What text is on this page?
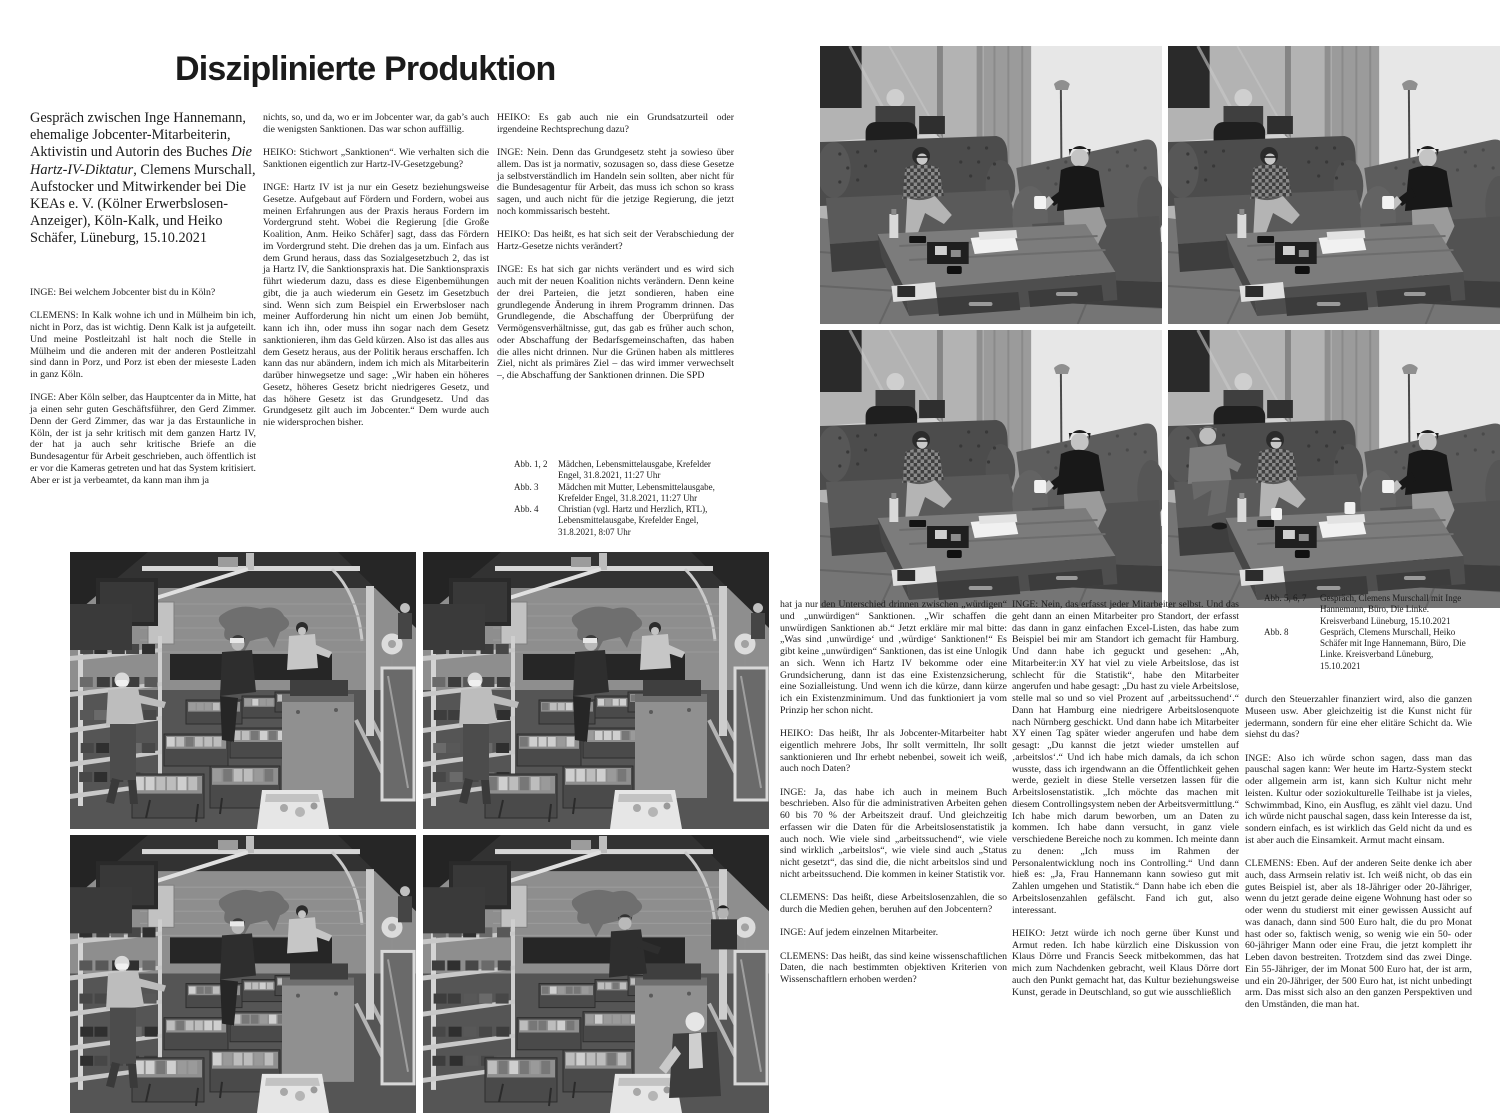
Disziplinierte Produktion
Gespräch zwischen Inge Hannemann, ehemalige Jobcenter-Mitarbeiterin, Aktivistin und Autorin des Buches Die Hartz-IV-Diktatur, Clemens Murschall, Aufstocker und Mitwirkender bei Die KEAs e. V. (Kölner Erwerbslosen-Anzeiger), Köln-Kalk, und Heiko Schäfer, Lüneburg, 15.10.2021

INGE: Bei welchem Jobcenter bist du in Köln?

CLEMENS: In Kalk wohne ich und in Mülheim bin ich, nicht in Porz, das ist wichtig. Denn Kalk ist ja aufgeteilt. Und meine Postleitzahl ist halt noch die Stelle in Mülheim und die anderen mit der anderen Postleitzahl sind dann in Porz, und Porz ist eben der mieseste Laden in ganz Köln.

INGE: Aber Köln selber, das Hauptcenter da in Mitte, hat ja einen sehr guten Geschäftsführer, den Gerd Zimmer. Denn der Gerd Zimmer, das war ja das Erstaunliche in Köln, der ist ja sehr kritisch mit dem ganzen Hartz IV, der hat ja auch sehr kritische Briefe an die Bundesagentur für Arbeit geschrieben, auch öffentlich ist er vor die Kameras getreten und hat das System kritisiert. Aber er ist ja verbeamtet, da kann man ihm ja

nichts, so, und da, wo er im Jobcenter war, da gab’s auch die wenigsten Sanktionen. Das war schon auffällig.

HEIKO: Stichwort „Sanktionen“. Wie verhalten sich die Sanktionen eigentlich zur Hartz-IV-Gesetzgebung?

INGE: Hartz IV ist ja nur ein Gesetz beziehungsweise Gesetze. Aufgebaut auf Fördern und Fordern, wobei aus meinen Erfahrungen aus der Praxis heraus Fordern im Vordergrund steht. Wobei die Regierung [die Große Koalition, Anm. Heiko Schäfer] sagt, dass das Fördern im Vordergrund steht. Die drehen das ja um. Einfach aus dem Grund heraus, dass das Sozialgesetzbuch 2, das ist ja Hartz IV, die Sanktionspraxis hat. Die Sanktionspraxis führt wiederum dazu, dass es diese Eigenbemühungen gibt, die ja auch wiederum ein Gesetz im Gesetzbuch sind. Wenn sich zum Beispiel ein Erwerbsloser nach meiner Aufforderung hin nicht um einen Job bemüht, kann ich ihn, oder muss ihn sogar nach dem Gesetz sanktionieren, ihm das Geld kürzen. Also ist das alles aus dem Gesetz heraus, aus der Politik heraus erschaffen. Ich kann das nur abändern, indem ich mich als Mitarbeiterin darüber hinwegsetze und sage: „Wir haben ein höheres Gesetz, höheres Gesetz bricht niedrigeres Gesetz, und das höhere Gesetz ist das Grundgesetz. Und das Grundgesetz gilt auch im Jobcenter.“ Dem wurde auch nie widersprochen bisher.

HEIKO: Es gab auch nie ein Grundsatzurteil oder irgendeine Rechtsprechung dazu?

INGE: Nein. Denn das Grundgesetz steht ja sowieso über allem. Das ist ja normativ, sozusagen so, dass diese Gesetze ja selbstverständlich im Handeln sein sollten, aber nicht für die Bundesagentur für Arbeit, das muss ich schon so krass sagen, und auch nicht für die jetzige Regierung, die jetzt noch kommissarisch besteht.

HEIKO: Das heißt, es hat sich seit der Verabschiedung der Hartz-Gesetze nichts verändert?

INGE: Es hat sich gar nichts verändert und es wird sich auch mit der neuen Koalition nichts verändern. Denn keine der drei Parteien, die jetzt sondieren, haben eine grundlegende Änderung in ihrem Programm drinnen. Das Grundlegende, die Abschaffung der Überprüfung der Vermögensverhältnisse, gut, das gab es früher auch schon, oder Abschaffung der Bedarfsgemeinschaften, das haben die alles nicht drinnen. Nur die Grünen haben als mittleres Ziel, nicht als primäres Ziel – das wird immer verwechselt –, die Abschaffung der Sanktionen drinnen. Die SPD

Abb. 1, 2	Mädchen, Lebensmittelausgabe, Krefelder Engel, 31.8.2021, 11:27 Uhr
Abb. 3	Mädchen mit Mutter, Lebensmittelausgabe, Krefelder Engel, 31.8.2021, 11:27 Uhr
Abb. 4	Christian (vgl. Hartz und Herzlich, RTL), Lebensmittelausgabe, Krefelder Engel, 31.8.2021, 8:07 Uhr
Abb. 5, 6, 7	Gespräch, Clemens Murschall mit Inge Hannemann, Büro, Die Linke. Kreisverband Lüneburg, 15.10.2021
Abb. 8	Gespräch, Clemens Murschall, Heiko Schäfer mit Inge Hannemann, Büro, Die Linke. Kreisverband Lüneburg, 15.10.2021

hat ja nur den Unterschied drinnen zwischen „würdigen“ und „unwürdigen“ Sanktionen. „Wir schaffen die unwürdigen Sanktionen ab.“ Jetzt erkläre mir mal bitte: „Was sind ‚unwürdige‘ und ‚würdige‘ Sanktionen!“ Es gibt keine „unwürdigen“ Sanktionen, das ist eine Unlogik an sich. Wenn ich Hartz IV bekomme oder eine Grundsicherung, dann ist das eine Existenzsicherung, eine Sozialleistung. Und wenn ich die kürze, dann kürze ich ein Existenzminimum. Und das funktioniert ja vom Prinzip her schon nicht.

HEIKO: Das heißt, Ihr als Jobcenter-Mitarbeiter habt eigentlich mehrere Jobs, Ihr sollt vermitteln, Ihr sollt sanktionieren und Ihr erhebt nebenbei, soweit ich weiß, auch noch Daten?

INGE: Ja, das habe ich auch in meinem Buch beschrieben. Also für die administrativen Arbeiten gehen 60 bis 70 % der Arbeitszeit drauf. Und gleichzeitig erfassen wir die Daten für die Arbeitslosenstatistik ja auch noch. Wie viele sind „arbeitssuchend“, wie viele sind wirklich „arbeitslos“, wie viele sind auch „Status nicht gesetzt“, das sind die, die nicht arbeitslos sind und nicht arbeitssuchend. Die kommen in keiner Statistik vor.

CLEMENS: Das heißt, diese Arbeitslosenzahlen, die so durch die Medien gehen, beruhen auf den Jobcentern?

INGE: Auf jedem einzelnen Mitarbeiter.

CLEMENS: Das heißt, das sind keine wissenschaftlichen Daten, die nach bestimmten objektiven Kriterien von Wissenschaftlern erhoben werden?

INGE: Nein, das erfasst jeder Mitarbeiter selbst. Und das geht dann an einen Mitarbeiter pro Standort, der erfasst das dann in ganz einfachen Excel-Listen, das habe zum Beispiel bei mir am Standort ich gemacht für Hamburg. Und dann habe ich geguckt und gesehen: „Ah, Mitarbeiter:in XY hat viel zu viele Arbeitslose, das ist schlecht für die Statistik“, habe den Mitarbeiter angerufen und habe gesagt: „Du hast zu viele Arbeitslose, stelle mal so und so viel Prozent auf ‚arbeitssuchend‘.“ Dann hat Hamburg eine niedrigere Arbeitslosenquote nach Nürnberg geschickt. Und dann habe ich Mitarbeiter XY einen Tag später wieder angerufen und habe dem gesagt: „Du kannst die jetzt wieder umstellen auf ‚arbeitslos‘.“ Und ich habe mich damals, da ich schon wusste, dass ich irgendwann an die Öffentlichkeit gehen werde, gezielt in diese Stelle versetzen lassen für die Arbeitslosenstatistik. „Ich möchte das machen mit diesem Controllingsystem neben der Arbeitsvermittlung.“ Ich habe mich darum beworben, um an Daten zu kommen. Ich habe dann versucht, in ganz viele verschiedene Bereiche noch zu kommen. Ich meinte dann zu denen: „Ich muss im Rahmen der Personalentwicklung noch ins Controlling.“ Und dann hieß es: „Ja, Frau Hannemann kann sowieso gut mit Zahlen umgehen und Statistik.“ Dann habe ich eben die Arbeitslosenzahlen gefälscht. Fand ich gut, also interessant.

HEIKO: Jetzt würde ich noch gerne über Kunst und Armut reden. Ich habe kürzlich eine Diskussion von Klaus Dörre und Francis Seeck mitbekommen, das hat mich zum Nachdenken gebracht, weil Klaus Dörre dort auch den Punkt gemacht hat, das Kultur beziehungsweise Kunst, gerade in Deutschland, so gut wie ausschließlich

durch den Steuerzahler finanziert wird, also die ganzen Museen usw. Aber gleichzeitig ist die Kunst nicht für jedermann, sondern für eine eher elitäre Schicht da. Wie siehst du das?

INGE: Also ich würde schon sagen, dass man das pauschal sagen kann: Wer heute im Hartz-System steckt oder allgemein arm ist, kann sich Kultur nicht mehr leisten. Kultur oder soziokulturelle Teilhabe ist ja vieles, Schwimmbad, Kino, ein Ausflug, es zählt viel dazu. Und ich würde nicht pauschal sagen, dass kein Interesse da ist, sondern einfach, es ist wirklich das Geld nicht da und es ist aber auch die Einsamkeit. Armut macht einsam.

CLEMENS: Eben. Auf der anderen Seite denke ich aber auch, dass Armsein relativ ist. Ich weiß nicht, ob das ein gutes Beispiel ist, aber als 18-Jähriger oder 20-Jähriger, wenn du jetzt gerade deine eigene Wohnung hast oder so oder wenn du studierst mit einer gewissen Aussicht auf was danach, dann sind 500 Euro halt, die du pro Monat hast oder so, faktisch wenig, so wenig wie ein 50- oder 60-jähriger Mann oder eine Frau, die jetzt komplett ihr Leben davon bestreiten. Trotzdem sind das zwei Dinge. Ein 55-Jähriger, der im Monat 500 Euro hat, der ist arm, und ein 20-Jähriger, der 500 Euro hat, ist nicht unbedingt arm. Das misst sich also an den ganzen Perspektiven und den Umständen, die man hat.
